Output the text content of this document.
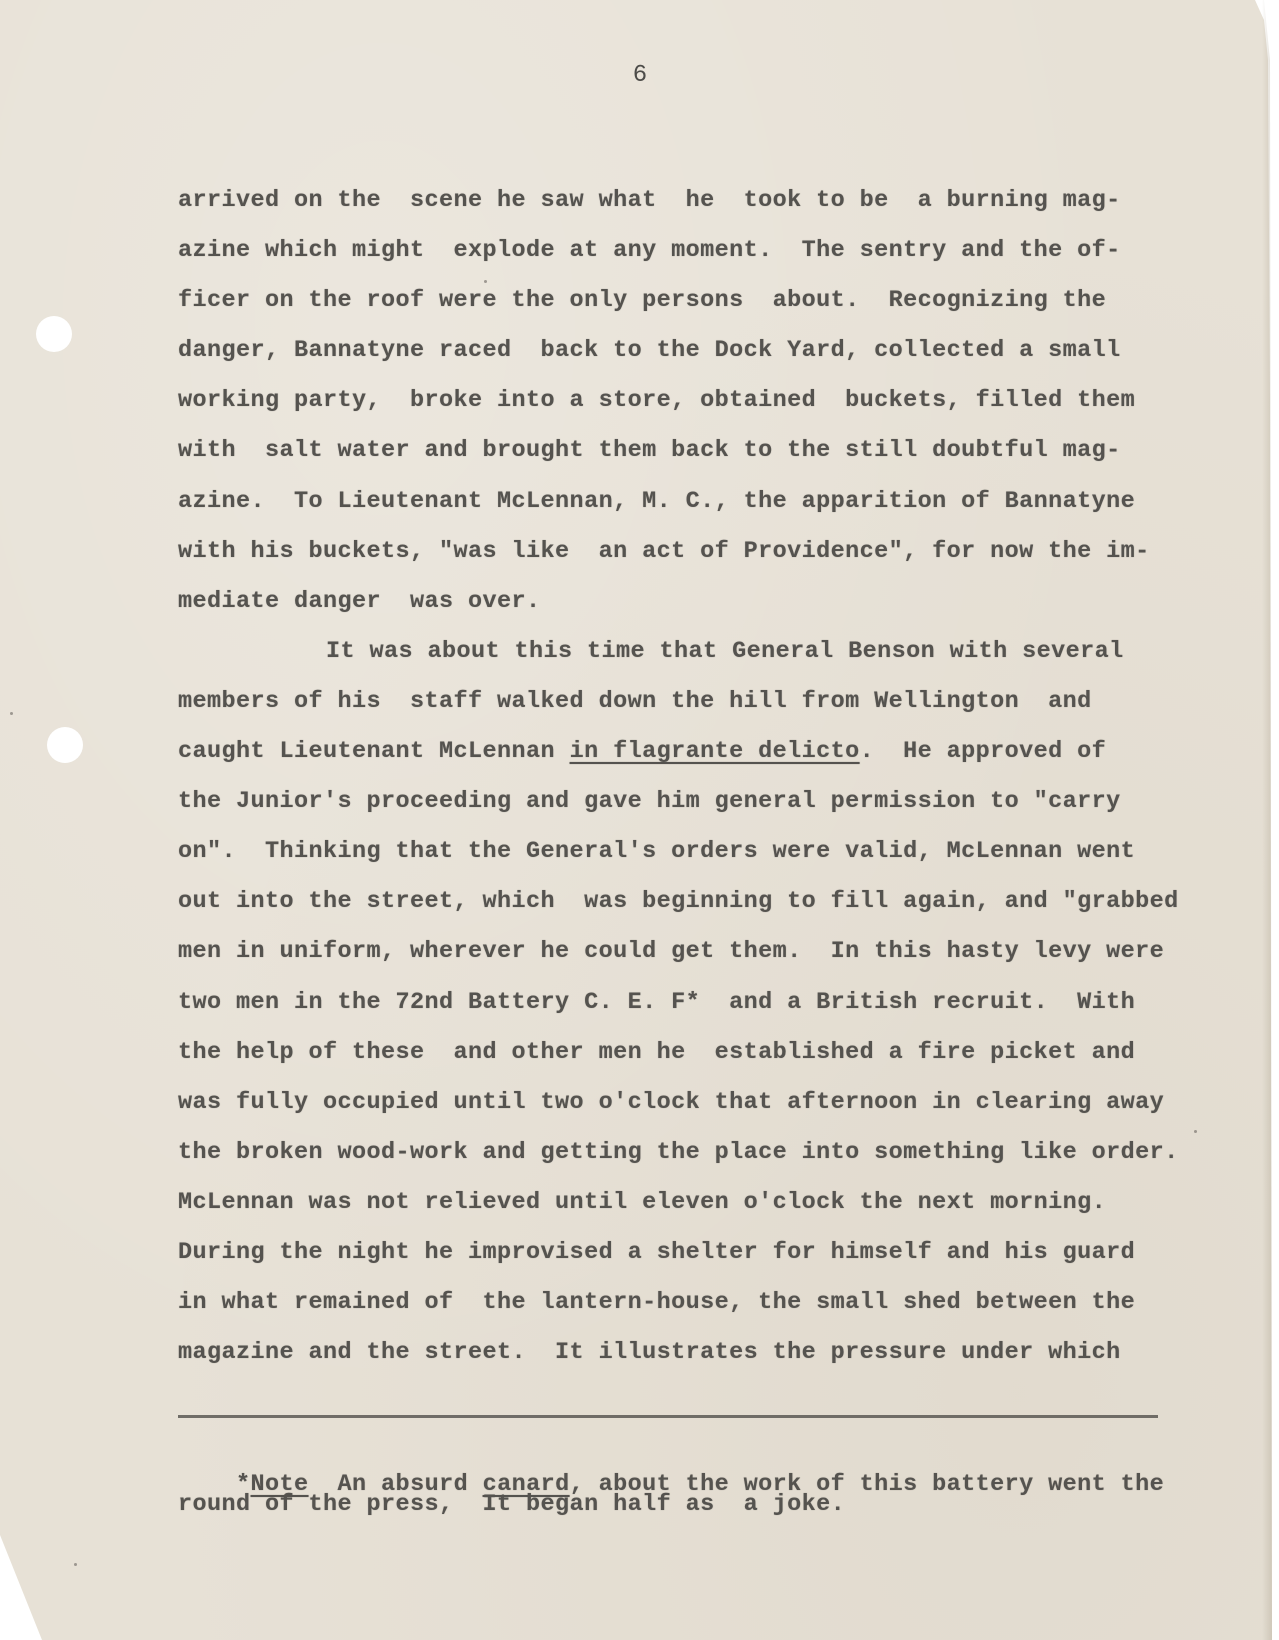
6
arrived on the  scene he saw what  he  took to be  a burning mag-
azine which might  explode at any moment.  The sentry and the of-
ficer on the roof were the only persons  about.  Recognizing the
danger, Bannatyne raced  back to the Dock Yard, collected a small
working party,  broke into a store, obtained  buckets, filled them
with  salt water and brought them back to the still doubtful mag-
azine.  To Lieutenant McLennan, M. C., the apparition of Bannatyne
with his buckets, "was like  an act of Providence", for now the im-
mediate danger  was over.
It was about this time that General Benson with several
members of his  staff walked down the hill from Wellington  and
caught Lieutenant McLennan in flagrante delicto.  He approved of
the Junior's proceeding and gave him general permission to "carry
on".  Thinking that the General's orders were valid, McLennan went
out into the street, which  was beginning to fill again, and "grabbed
men in uniform, wherever he could get them.  In this hasty levy were
two men in the 72nd Battery C. E. F*  and a British recruit.  With
the help of these  and other men he  established a fire picket and
was fully occupied until two o'clock that afternoon in clearing away
the broken wood-work and getting the place into something like order.
McLennan was not relieved until eleven o'clock the next morning.
During the night he improvised a shelter for himself and his guard
in what remained of  the lantern-house, the small shed between the
magazine and the street.  It illustrates the pressure under which

*Note  An absurd canard, about the work of this battery went the

round of the press,  It began half as  a joke.
